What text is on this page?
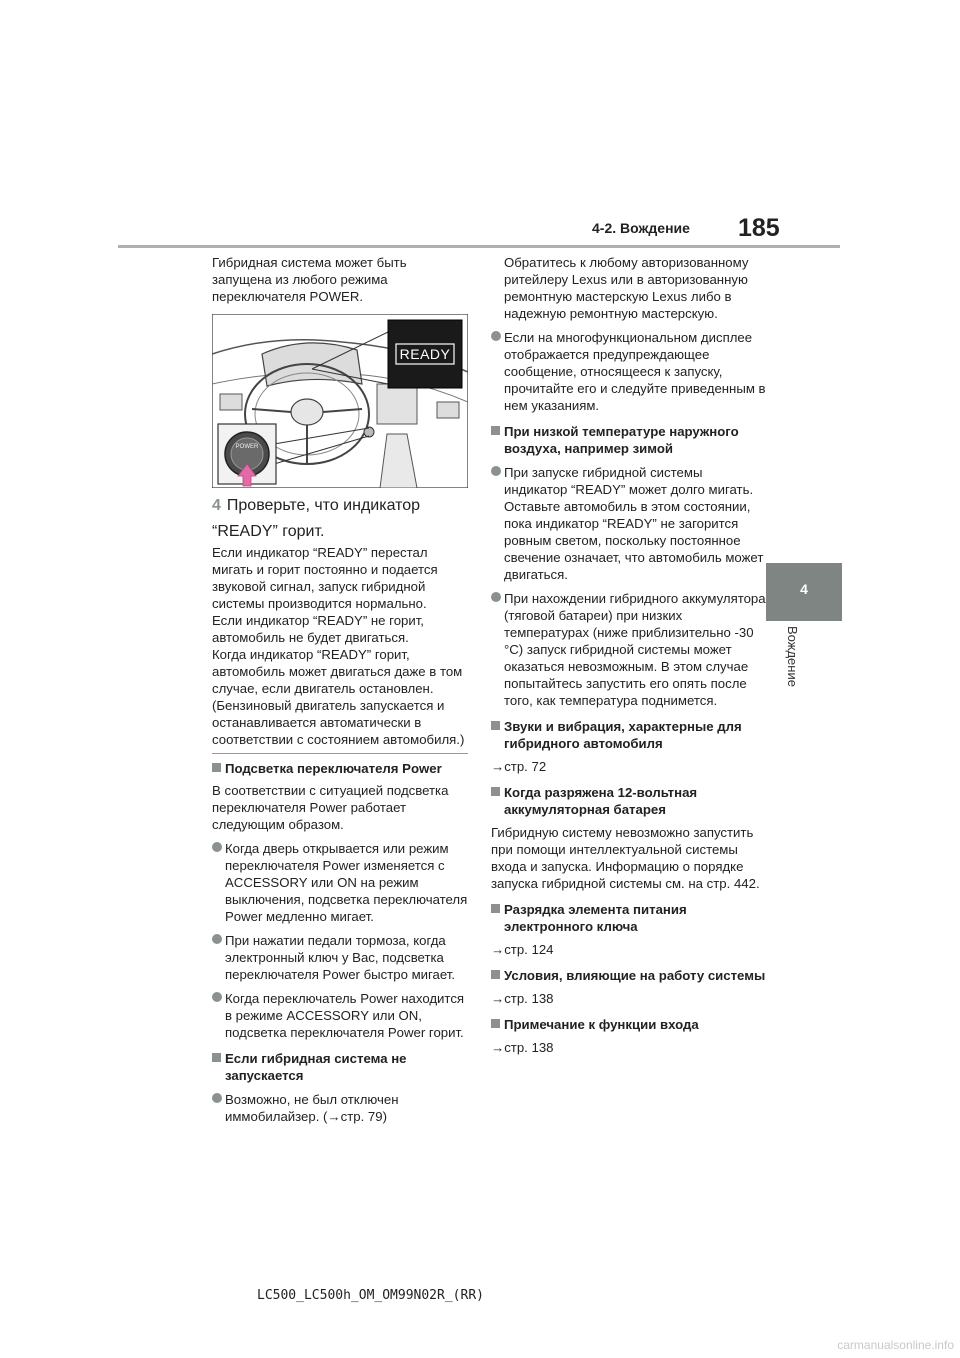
4-2. Вождение 185
4
Вождение
Гибридная система может быть запущена из любого режима переключателя POWER.
READY
POWER
4 Проверьте, что индикатор “READY” горит.
Если индикатор “READY” перестал мигать и горит постоянно и подается звуковой сигнал, запуск гибридной системы производится нормально.
Если индикатор “READY” не горит, автомобиль не будет двигаться.
Когда индикатор “READY” горит, автомобиль может двигаться даже в том случае, если двигатель остановлен. (Бензиновый двигатель запускается и останавливается автоматически в соответствии с состоянием автомобиля.)

Подсветка переключателя Power

В соответствии с ситуацией подсветка переключателя Power работает следующим образом.

Когда дверь открывается или режим переключателя Power изменяется с ACCESSORY или ON на режим выключения, подсветка переключателя Power медленно мигает.

При нажатии педали тормоза, когда электронный ключ у Вас, подсветка переключателя Power быстро мигает.

Когда переключатель Power находится в режиме ACCESSORY или ON, подсветка переключателя Power горит.

Если гибридная система не запускается

Возможно, не был отключен иммобилайзер. (→стр. 79)

Обратитесь к любому авторизованному ритейлеру Lexus или в авторизованную ремонтную мастерскую Lexus либо в надежную ремонтную мастерскую.

Если на многофункциональном дисплее отображается предупреждающее сообщение, относящееся к запуску, прочитайте его и следуйте приведенным в нем указаниям.

При низкой температуре наружного воздуха, например зимой

При запуске гибридной системы индикатор “READY” может долго мигать. Оставьте автомобиль в этом состоянии, пока индикатор “READY” не загорится ровным светом, поскольку постоянное свечение означает, что автомобиль может двигаться.

При нахождении гибридного аккумулятора (тяговой батареи) при низких температурах (ниже приблизительно -30 °C) запуск гибридной системы может оказаться невозможным. В этом случае попытайтесь запустить его опять после того, как температура поднимется.

Звуки и вибрация, характерные для гибридного автомобиля

→стр. 72

Когда разряжена 12-вольтная аккумуляторная батарея

Гибридную систему невозможно запустить при помощи интеллектуальной системы входа и запуска. Информацию о порядке запуска гибридной системы см. на стр. 442.

Разрядка элемента питания электронного ключа

→стр. 124

Условия, влияющие на работу системы

→стр. 138

Примечание к функции входа

→стр. 138

LC500_LC500h_OM_OM99N02R_(RR)
carmanualsonline.info
